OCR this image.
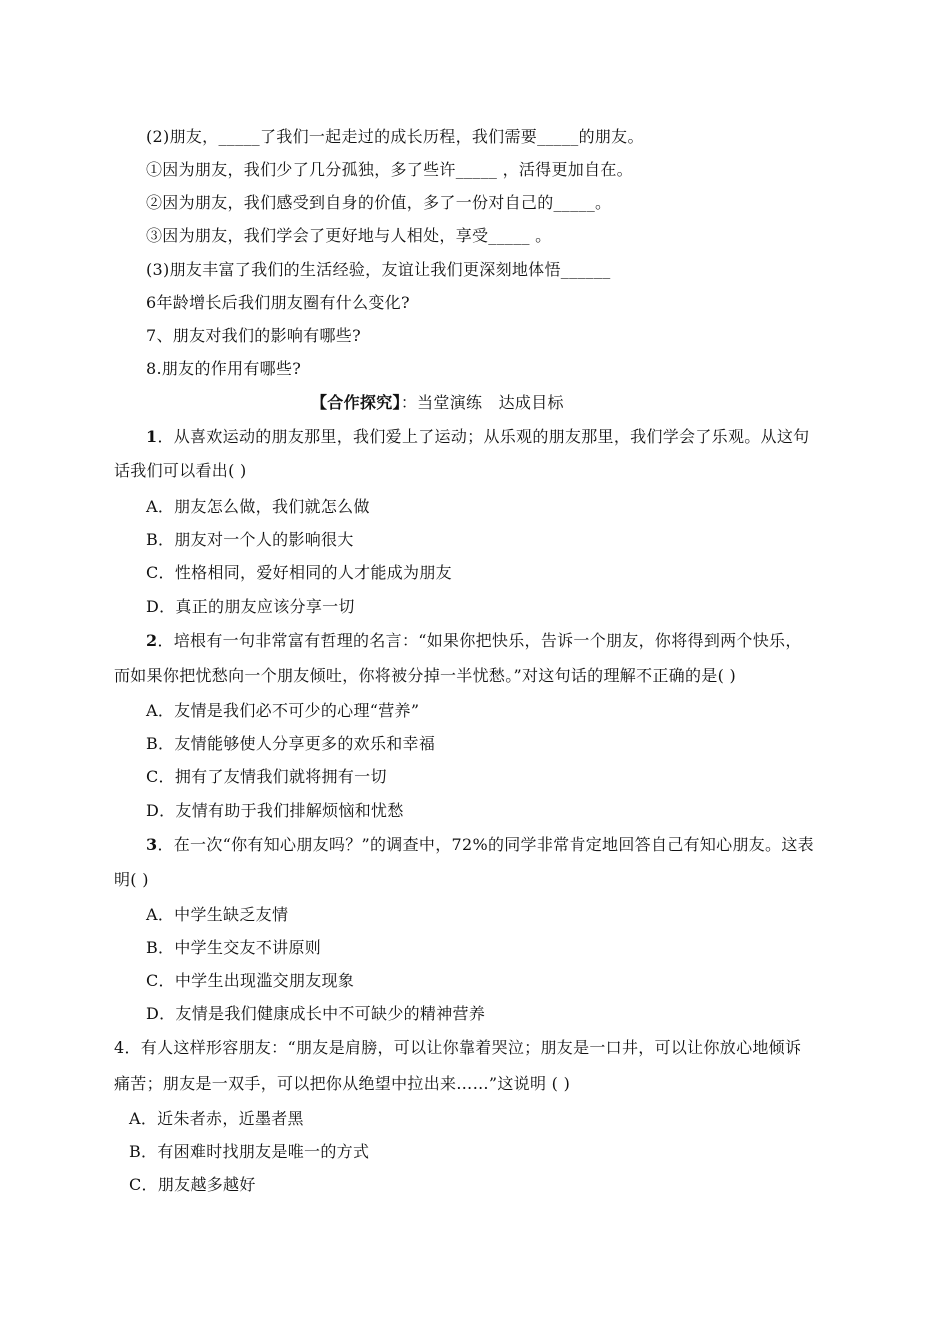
(2)朋友，_____了我们一起走过的成长历程，我们需要_____的朋友。
①因为朋友，我们少了几分孤独，多了些许_____ ，活得更加自在。
②因为朋友，我们感受到自身的价值，多了一份对自己的_____。
③因为朋友，我们学会了更好地与人相处，享受_____ 。
(3)朋友丰富了我们的生活经验，友谊让我们更深刻地体悟______
6年龄增长后我们朋友圈有什么变化?
7、朋友对我们的影响有哪些?
8.朋友的作用有哪些?
【合作探究】：当堂演练　达成目标
1．从喜欢运动的朋友那里，我们爱上了运动；从乐观的朋友那里，我们学会了乐观。从这句
话我们可以看出( )
A．朋友怎么做，我们就怎么做
B．朋友对一个人的影响很大
C．性格相同，爱好相同的人才能成为朋友
D．真正的朋友应该分享一切
2．培根有一句非常富有哲理的名言：“如果你把快乐，告诉一个朋友，你将得到两个快乐，
而如果你把忧愁向一个朋友倾吐，你将被分掉一半忧愁。”对这句话的理解不正确的是( )
A．友情是我们必不可少的心理“营养”
B．友情能够使人分享更多的欢乐和幸福
C．拥有了友情我们就将拥有一切
D．友情有助于我们排解烦恼和忧愁
3．在一次“你有知心朋友吗？”的调查中，72%的同学非常肯定地回答自己有知心朋友。这表
明( )
A．中学生缺乏友情
B．中学生交友不讲原则
C．中学生出现滥交朋友现象
D．友情是我们健康成长中不可缺少的精神营养
4．有人这样形容朋友：“朋友是肩膀，可以让你靠着哭泣；朋友是一口井，可以让你放心地倾诉
痛苦；朋友是一双手，可以把你从绝望中拉出来……”这说明 ( )
A．近朱者赤，近墨者黑
B．有困难时找朋友是唯一的方式
C．朋友越多越好
